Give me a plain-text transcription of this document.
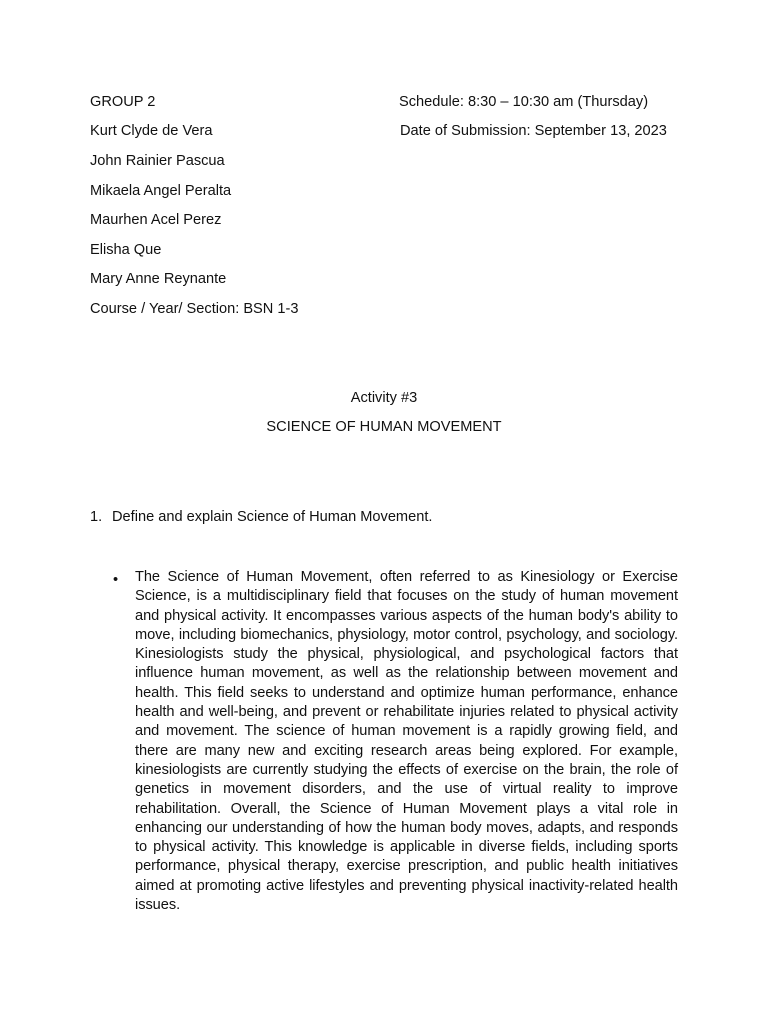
GROUP 2
Kurt Clyde de Vera
John Rainier Pascua
Mikaela Angel Peralta
Maurhen Acel Perez
Elisha Que
Mary Anne Reynante
Course / Year/ Section: BSN 1-3
Schedule: 8:30 – 10:30 am (Thursday)
Date of Submission: September 13, 2023
Activity #3
SCIENCE OF HUMAN MOVEMENT
1. Define and explain Science of Human Movement.
• The Science of Human Movement, often referred to as Kinesiology or Exercise Science, is a multidisciplinary field that focuses on the study of human movement and physical activity. It encompasses various aspects of the human body's ability to move, including biomechanics, physiology, motor control, psychology, and sociology. Kinesiologists study the physical, physiological, and psychological factors that influence human movement, as well as the relationship between movement and health. This field seeks to understand and optimize human performance, enhance health and well-being, and prevent or rehabilitate injuries related to physical activity and movement. The science of human movement is a rapidly growing field, and there are many new and exciting research areas being explored. For example, kinesiologists are currently studying the effects of exercise on the brain, the role of genetics in movement disorders, and the use of virtual reality to improve rehabilitation. Overall, the Science of Human Movement plays a vital role in enhancing our understanding of how the human body moves, adapts, and responds to physical activity. This knowledge is applicable in diverse fields, including sports performance, physical therapy, exercise prescription, and public health initiatives aimed at promoting active lifestyles and preventing physical inactivity-related health issues.
